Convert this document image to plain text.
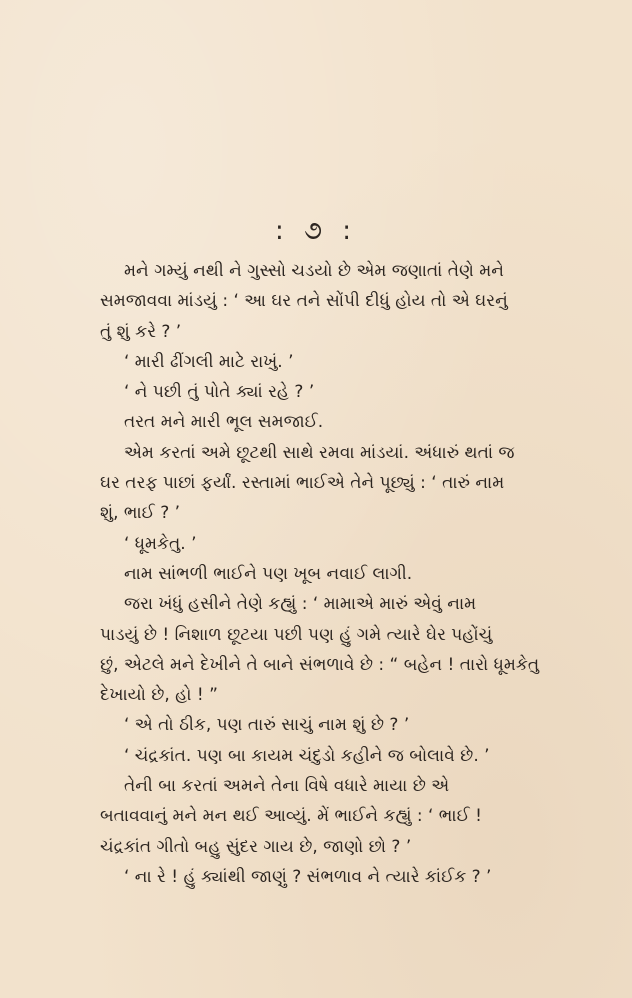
: ૭ :
મને ગમ્યું નથી ને ગુસ્સો ચડયો છે એમ જણાતાં તેણે મને
સમજાવવા માંડયું : ‘ આ ઘર તને સોંપી દીધું હોય તો એ ઘરનું
તું શું કરે ? ’
‘ મારી ઢીંગલી માટે રાખું. ’
‘ ને પછી તું પોતે ક્યાં રહે ? ’
તરત મને મારી ભૂલ સમજાઈ.
એમ કરતાં અમે છૂટથી સાથે રમવા માંડયાં. અંધારું થતાં જ
ઘર તરફ પાછાં ફર્યાં. રસ્તામાં ભાઈએ તેને પૂછ્યું : ‘ તારું નામ
શું, ભાઈ ? ’
‘ ધૂમકેતુ. ’
નામ સાંભળી ભાઈને પણ ખૂબ નવાઈ લાગી.
જરા ખંધું હસીને તેણે કહ્યું : ‘ મામાએ મારું એવું નામ
પાડયું છે ! નિશાળ છૂટયા પછી પણ હું ગમે ત્યારે ઘેર પહોંચું
છું, એટલે મને દેખીને તે બાને સંભળાવે છે : “ બહેન ! તારો ધૂમકેતુ
દેખાયો છે, હો ! ”
‘ એ તો ઠીક, પણ તારું સાચું નામ શું છે ? ’
‘ ચંદ્રકાંત. પણ બા કાયમ ચંદુડો કહીને જ બોલાવે છે. ’
તેની બા કરતાં અમને તેના વિષે વધારે માયા છે એ
બતાવવાનું મને મન થઈ આવ્યું. મેં ભાઈને કહ્યું : ‘ ભાઈ !
ચંદ્રકાંત ગીતો બહુ સુંદર ગાય છે, જાણો છો ? ’
‘ ના રે ! હું ક્યાંથી જાણું ? સંભળાવ ને ત્યારે કાંઈક ? ’
